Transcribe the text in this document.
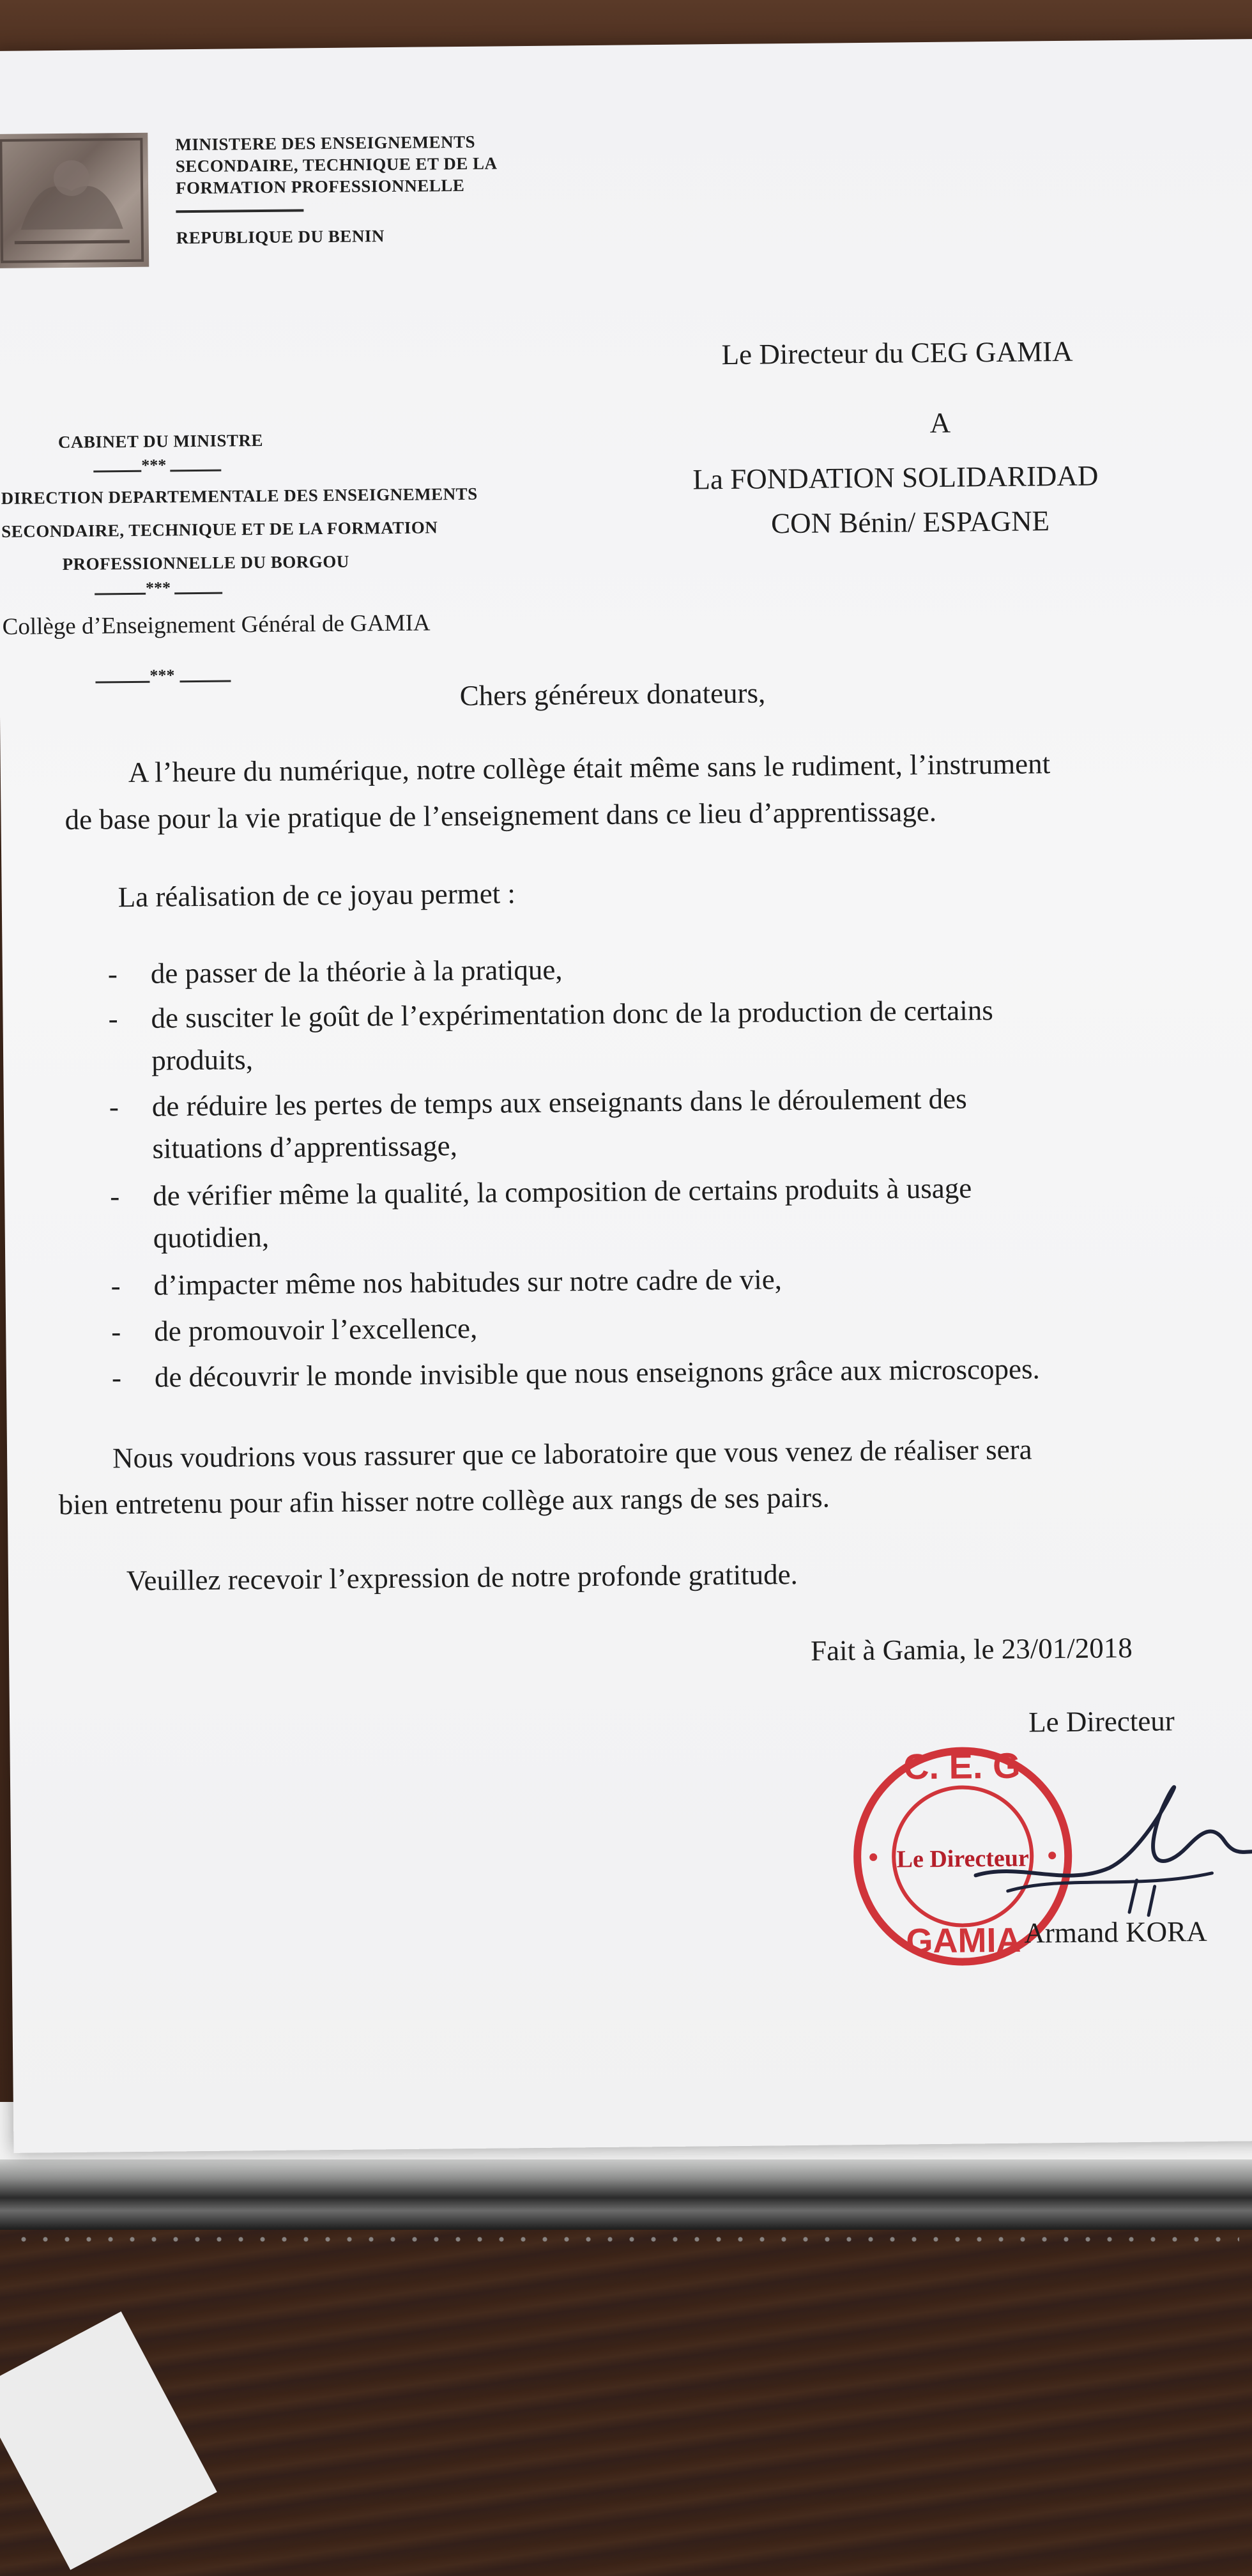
MINISTERE DES ENSEIGNEMENTS
SECONDAIRE, TECHNIQUE ET DE LA
FORMATION PROFESSIONNELLE
REPUBLIQUE DU BENIN
CABINET DU MINISTRE
***
DIRECTION DEPARTEMENTALE DES ENSEIGNEMENTS
SECONDAIRE, TECHNIQUE ET DE LA FORMATION
PROFESSIONNELLE DU BORGOU
***
Collège d’Enseignement Général de GAMIA
***
Le Directeur du CEG GAMIA
A
La FONDATION SOLIDARIDAD
CON Bénin/ ESPAGNE
Chers généreux donateurs,
A l’heure du numérique, notre collège était même sans le rudiment, l’instrument
de base pour la vie pratique de l’enseignement dans ce lieu d’apprentissage.
La réalisation de ce joyau permet :
- de passer de la théorie à la pratique,
- de susciter le goût de l’expérimentation donc de la production de certains
produits,
- de réduire les pertes de temps aux enseignants dans le déroulement des
situations d’apprentissage,
- de vérifier même la qualité, la composition de certains produits à usage
quotidien,
- d’impacter même nos habitudes sur notre cadre de vie,
- de promouvoir l’excellence,
- de découvrir le monde invisible que nous enseignons grâce aux microscopes.
Nous voudrions vous rassurer que ce laboratoire que vous venez de réaliser sera
bien entretenu pour afin hisser notre collège aux rangs de ses pairs.
Veuillez recevoir l’expression de notre profonde gratitude.
Fait à Gamia, le 23/01/2018
Le Directeur
C. E. G
Le Directeur
GAMIA Armand KORA
